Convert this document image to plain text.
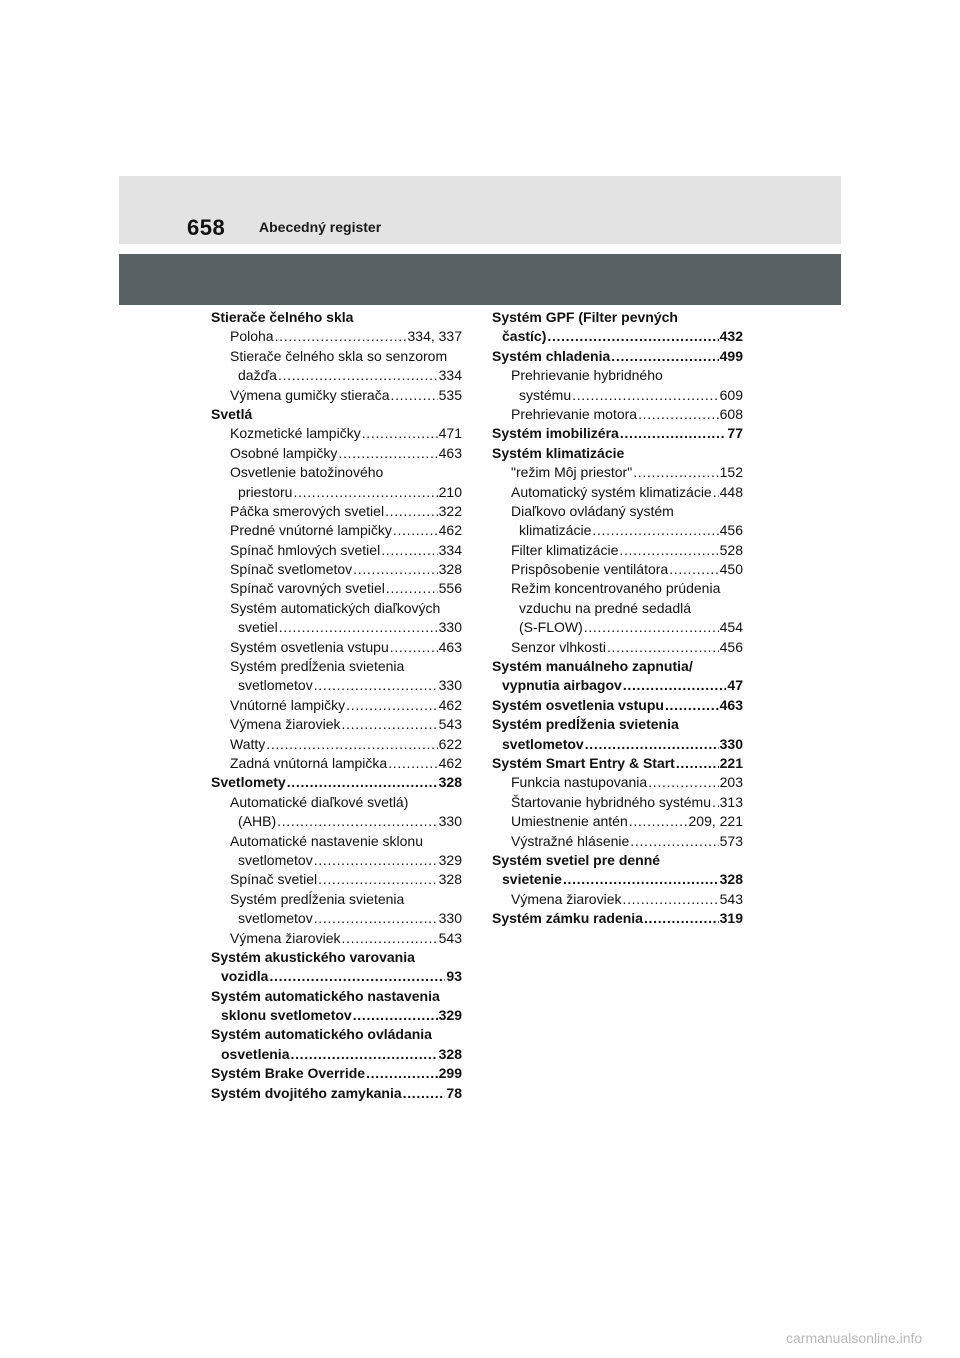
658 Abecedný register
Stierače čelného skla
Poloha . . .	334, 337
Stierače čelného skla so senzorom
dažďa . . .	334
Výmena gumičky stierača . . .	535
Svetlá
Kozmetické lampičky . . .	471
Osobné lampičky . . .	463
Osvetlenie batožinového
priestoru . . .	210
Páčka smerových svetiel . . .	322
Predné vnútorné lampičky . . .	462
Spínač hmlových svetiel . . .	334
Spínač svetlometov . . .	328
Spínač varovných svetiel . . .	556
Systém automatických diaľkových
svetiel . . .	330
Systém osvetlenia vstupu . . .	463
Systém predĺženia svietenia
svetlometov . . .	330
Vnútorné lampičky . . .	462
Výmena žiaroviek . . .	543
Watty . . .	622
Zadná vnútorná lampička . . .	462
Svetlomety . . .	328
Automatické diaľkové svetlá)
(AHB) . . .	330
Automatické nastavenie sklonu
svetlometov . . .	329
Spínač svetiel . . .	328
Systém predĺženia svietenia
svetlometov . . .	330
Výmena žiaroviek . . .	543
Systém akustického varovania
vozidla . . .	93
Systém automatického nastavenia
sklonu svetlometov . . .	329
Systém automatického ovládania
osvetlenia . . .	328
Systém Brake Override . . .	299
Systém dvojitého zamykania . . .	78
Systém GPF (Filter pevných
častíc) . . .	432
Systém chladenia . . .	499
Prehrievanie hybridného
systému . . .	609
Prehrievanie motora . . .	608
Systém imobilizéra . . .	77
Systém klimatizácie
"režim Môj priestor" . . .	152
Automatický systém klimatizácie . . . 448
Diaľkovo ovládaný systém
klimatizácie . . .	456
Filter klimatizácie . . .	528
Prispôsobenie ventilátora . . .	450
Režim koncentrovaného prúdenia
vzduchu na predné sedadlá
(S-FLOW) . . .	454
Senzor vlhkosti . . .	456
Systém manuálneho zapnutia/
vypnutia airbagov . . .	47
Systém osvetlenia vstupu . . .	463
Systém predĺženia svietenia
svetlometov . . .	330
Systém Smart Entry & Start . . .	221
Funkcia nastupovania . . .	203
Štartovanie hybridného systému . . . 313
Umiestnenie antén . . .	209, 221
Výstražné hlásenie . . .	573
Systém svetiel pre denné
svietenie . . .	328
Výmena žiaroviek . . .	543
Systém zámku radenia . . .	319
carmanualsonline.info
